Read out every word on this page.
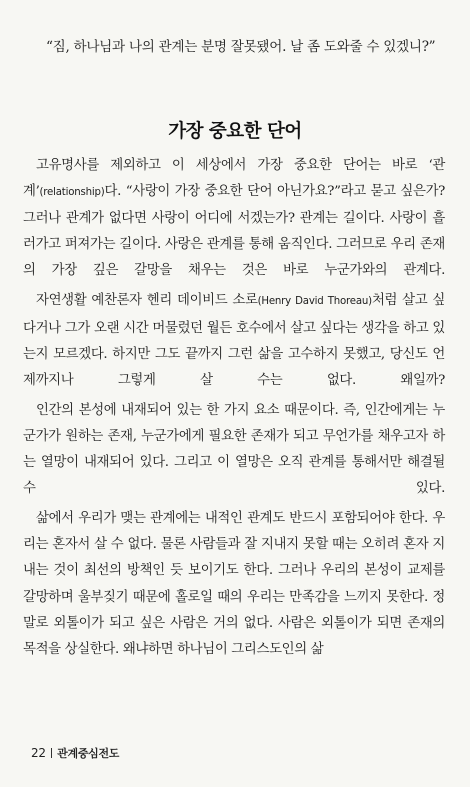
“짐, 하나님과 나의 관계는 분명 잘못됐어. 날 좀 도와줄 수 있겠니?”
가장 중요한 단어

고유명사를 제외하고 이 세상에서 가장 중요한 단어는 바로 ‘관계’(relationship)다. “사랑이 가장 중요한 단어 아닌가요?”라고 묻고 싶은가? 그러나 관계가 없다면 사랑이 어디에 서겠는가? 관계는 길이다. 사랑이 흘러가고 퍼져가는 길이다. 사랑은 관계를 통해 움직인다. 그러므로 우리 존재의 가장 깊은 갈망을 채우는 것은 바로 누군가와의 관계다.

자연생활 예찬론자 헨리 데이비드 소로(Henry David Thoreau)처럼 살고 싶다거나 그가 오랜 시간 머물렀던 월든 호수에서 살고 싶다는 생각을 하고 있는지 모르겠다. 하지만 그도 끝까지 그런 삶을 고수하지 못했고, 당신도 언제까지나 그렇게 살 수는 없다. 왜일까?

인간의 본성에 내재되어 있는 한 가지 요소 때문이다. 즉, 인간에게는 누군가가 원하는 존재, 누군가에게 필요한 존재가 되고 무언가를 채우고자 하는 열망이 내재되어 있다. 그리고 이 열망은 오직 관계를 통해서만 해결될 수 있다.

삶에서 우리가 맺는 관계에는 내적인 관계도 반드시 포함되어야 한다. 우리는 혼자서 살 수 없다. 물론 사람들과 잘 지내지 못할 때는 오히려 혼자 지내는 것이 최선의 방책인 듯 보이기도 한다. 그러나 우리의 본성이 교제를 갈망하며 울부짖기 때문에 홀로일 때의 우리는 만족감을 느끼지 못한다. 정말로 외톨이가 되고 싶은 사람은 거의 없다. 사람은 외톨이가 되면 존재의 목적을 상실한다. 왜냐하면 하나님이 그리스도인의 삶

22 관계중심전도
